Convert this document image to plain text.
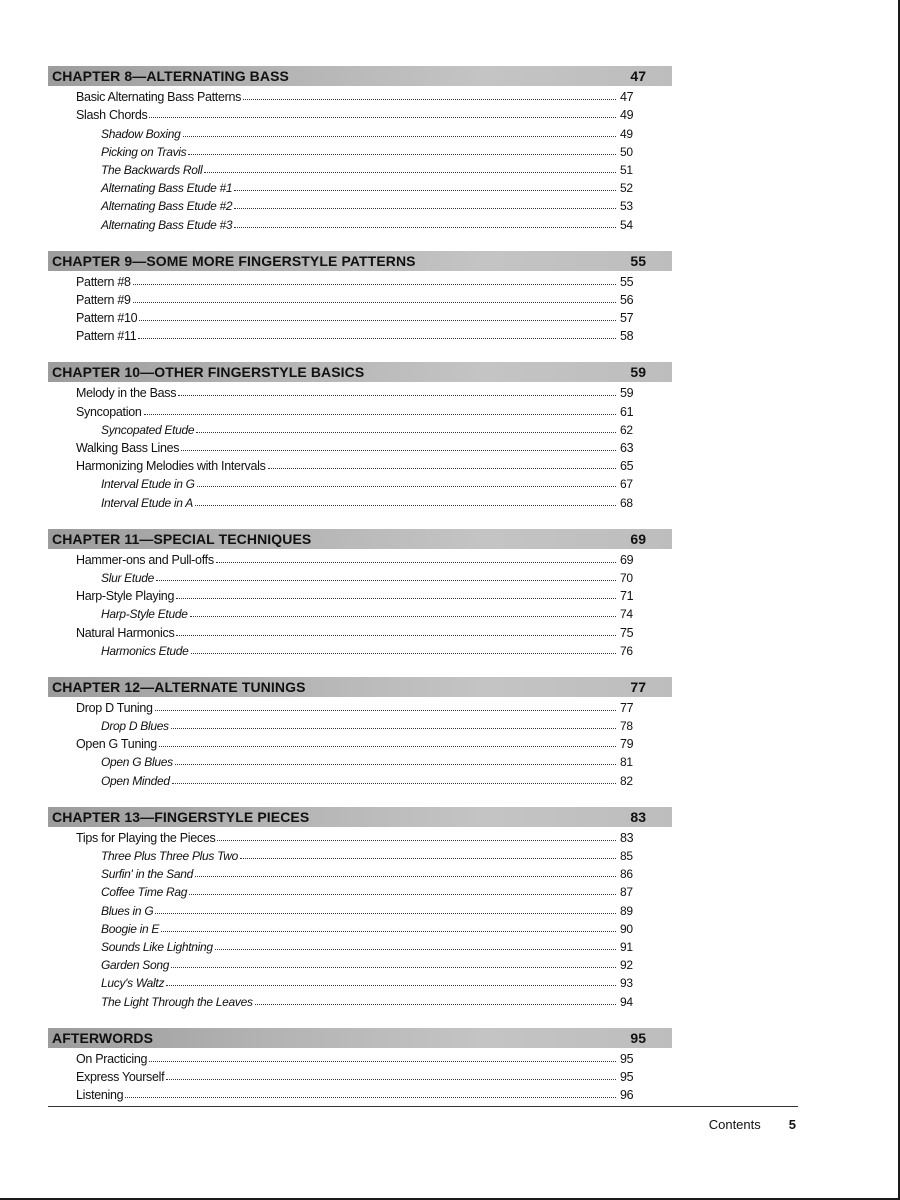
CHAPTER 8—ALTERNATING BASS	47
Basic Alternating Bass Patterns	47
Slash Chords	49
Shadow Boxing	49
Picking on Travis	50
The Backwards Roll	51
Alternating Bass Etude #1	52
Alternating Bass Etude #2	53
Alternating Bass Etude #3	54
CHAPTER 9—SOME MORE FINGERSTYLE PATTERNS	55
Pattern #8	55
Pattern #9	56
Pattern #10	57
Pattern #11	58
CHAPTER 10—OTHER FINGERSTYLE BASICS	59
Melody in the Bass	59
Syncopation	61
Syncopated Etude	62
Walking Bass Lines	63
Harmonizing Melodies with Intervals	65
Interval Etude in G	67
Interval Etude in A	68
CHAPTER 11—SPECIAL TECHNIQUES	69
Hammer-ons and Pull-offs	69
Slur Etude	70
Harp-Style Playing	71
Harp-Style Etude	74
Natural Harmonics	75
Harmonics Etude	76
CHAPTER 12—ALTERNATE TUNINGS	77
Drop D Tuning	77
Drop D Blues	78
Open G Tuning	79
Open G Blues	81
Open Minded	82
CHAPTER 13—FINGERSTYLE PIECES	83
Tips for Playing the Pieces	83
Three Plus Three Plus Two	85
Surfin' in the Sand	86
Coffee Time Rag	87
Blues in G	89
Boogie in E	90
Sounds Like Lightning	91
Garden Song	92
Lucy's Waltz	93
The Light Through the Leaves	94
AFTERWORDS	95
On Practicing	95
Express Yourself	95
Listening	96
Contents 5
